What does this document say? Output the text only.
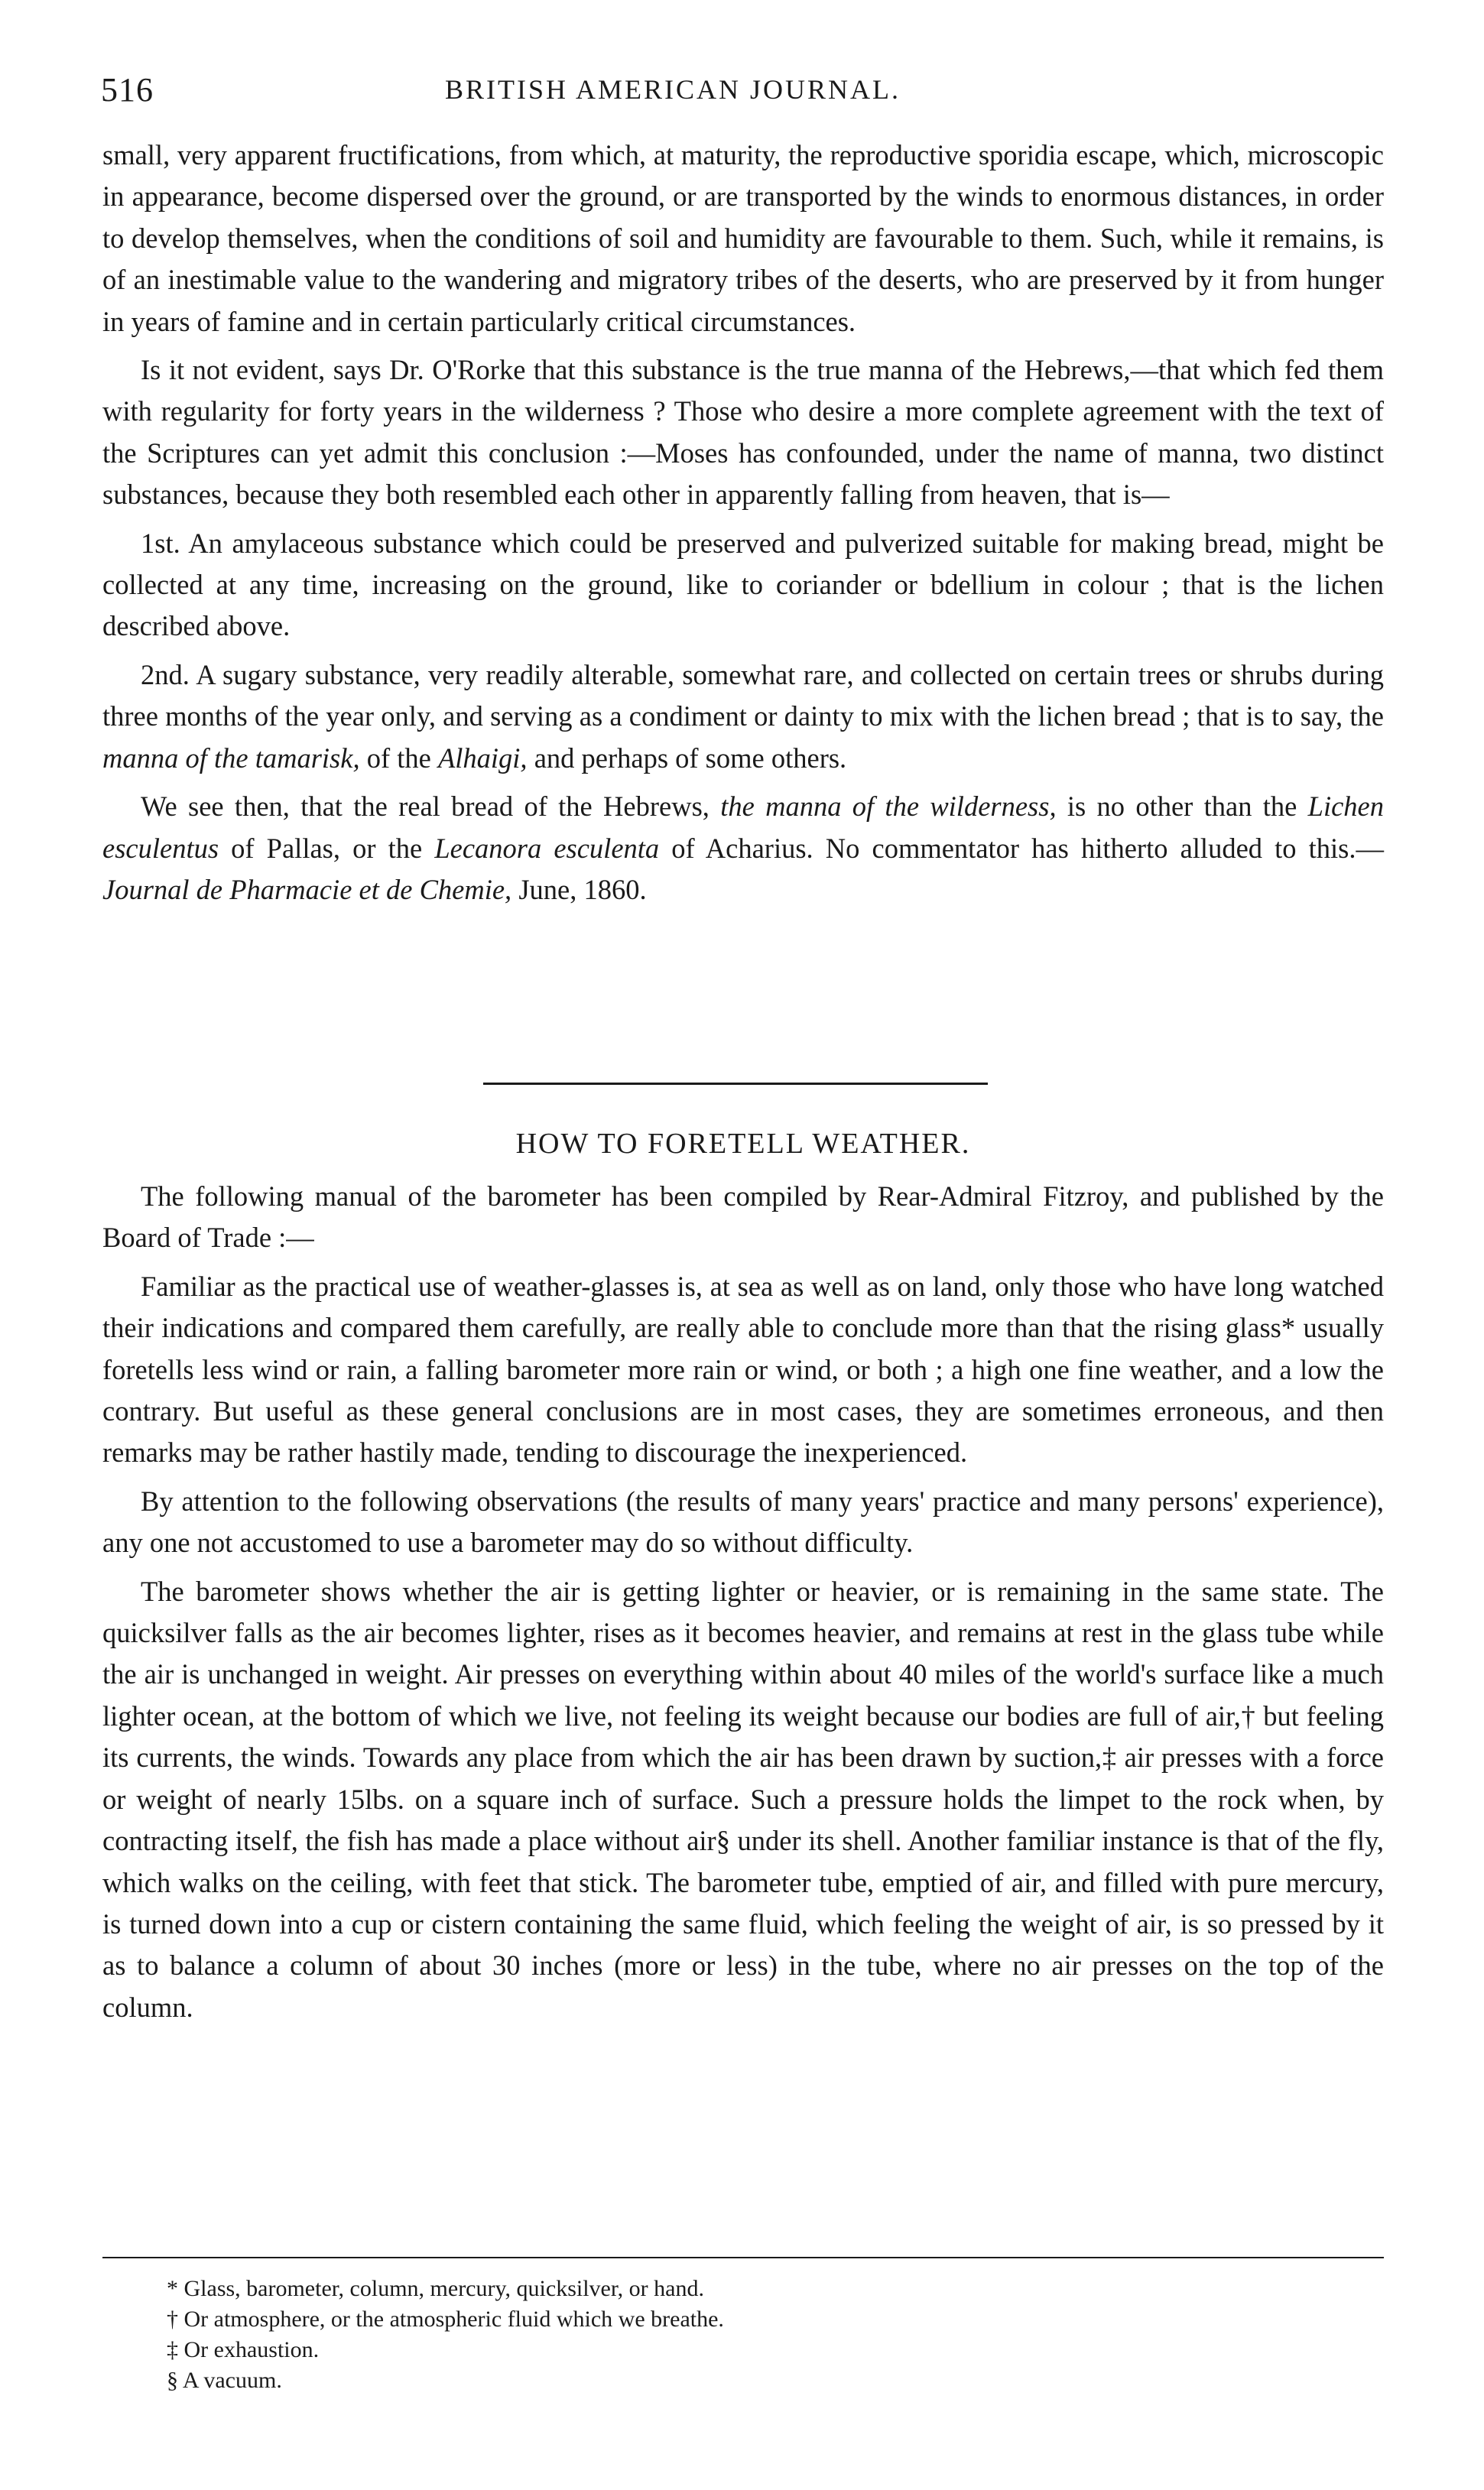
516	BRITISH AMERICAN JOURNAL.

small, very apparent fructifications, from which, at maturity, the reproductive sporidia escape, which, microscopic in appearance, become dispersed over the ground, or are transported by the winds to enormous distances, in order to develop themselves, when the conditions of soil and humidity are favourable to them. Such, while it remains, is of an inestimable value to the wandering and migratory tribes of the deserts, who are preserved by it from hunger in years of famine and in certain particularly critical circumstances.

Is it not evident, says Dr. O'Rorke that this substance is the true manna of the Hebrews,—that which fed them with regularity for forty years in the wilderness ? Those who desire a more complete agreement with the text of the Scriptures can yet admit this conclusion :—Moses has confounded, under the name of manna, two distinct substances, because they both resembled each other in apparently falling from heaven, that is—

1st. An amylaceous substance which could be preserved and pulverized suitable for making bread, might be collected at any time, increasing on the ground, like to coriander or bdellium in colour ; that is the lichen described above.

2nd. A sugary substance, very readily alterable, somewhat rare, and collected on certain trees or shrubs during three months of the year only, and serving as a condiment or dainty to mix with the lichen bread ; that is to say, the manna of the tamarisk, of the Alhaigi, and perhaps of some others.

We see then, that the real bread of the Hebrews, the manna of the wilderness, is no other than the Lichen esculentus of Pallas, or the Lecanora esculenta of Acharius. No commentator has hitherto alluded to this.—Journal de Pharmacie et de Chemie, June, 1860.

HOW TO FORETELL WEATHER.

The following manual of the barometer has been compiled by Rear-Admiral Fitzroy, and published by the Board of Trade :—

Familiar as the practical use of weather-glasses is, at sea as well as on land, only those who have long watched their indications and compared them carefully, are really able to conclude more than that the rising glass* usually foretells less wind or rain, a falling barometer more rain or wind, or both ; a high one fine weather, and a low the contrary. But useful as these general conclusions are in most cases, they are sometimes erroneous, and then remarks may be rather hastily made, tending to discourage the inexperienced.

By attention to the following observations (the results of many years' practice and many persons' experience), any one not accustomed to use a barometer may do so without difficulty.

The barometer shows whether the air is getting lighter or heavier, or is remaining in the same state. The quicksilver falls as the air becomes lighter, rises as it becomes heavier, and remains at rest in the glass tube while the air is unchanged in weight. Air presses on everything within about 40 miles of the world's surface like a much lighter ocean, at the bottom of which we live, not feeling its weight because our bodies are full of air,† but feeling its currents, the winds. Towards any place from which the air has been drawn by suction,‡ air presses with a force or weight of nearly 15lbs. on a square inch of surface. Such a pressure holds the limpet to the rock when, by contracting itself, the fish has made a place without air§ under its shell. Another familiar instance is that of the fly, which walks on the ceiling, with feet that stick. The barometer tube, emptied of air, and filled with pure mercury, is turned down into a cup or cistern containing the same fluid, which feeling the weight of air, is so pressed by it as to balance a column of about 30 inches (more or less) in the tube, where no air presses on the top of the column.

* Glass, barometer, column, mercury, quicksilver, or hand.
† Or atmosphere, or the atmospheric fluid which we breathe.
‡ Or exhaustion.
§ A vacuum.
